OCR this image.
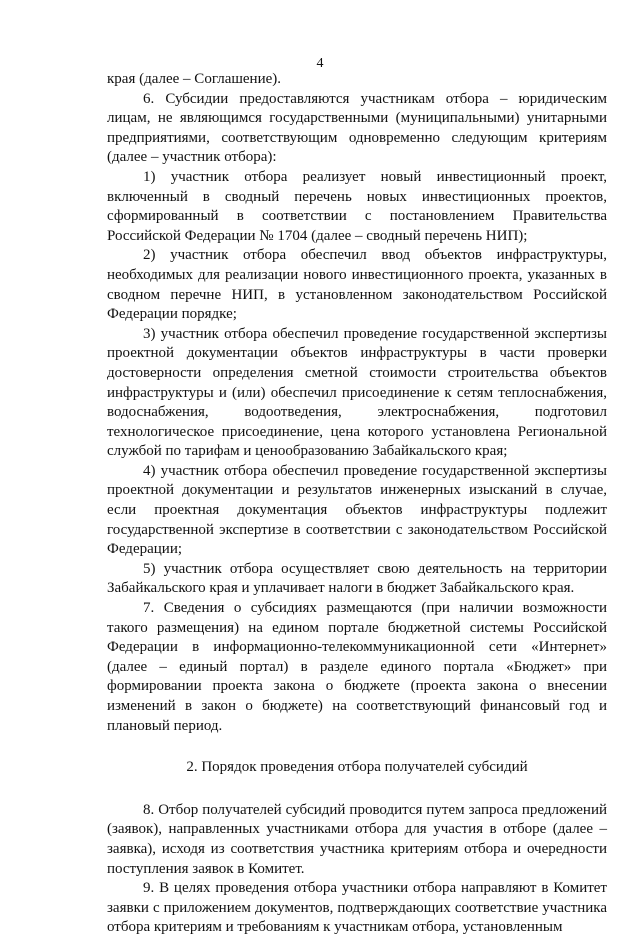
4

края (далее – Соглашение).

6. Субсидии предоставляются участникам отбора – юридическим лицам, не являющимся государственными (муниципальными) унитарными предприятиями, соответствующим одновременно следующим критериям (далее – участник отбора):

1) участник отбора реализует новый инвестиционный проект, включенный в сводный перечень новых инвестиционных проектов, сформированный в соответствии с постановлением Правительства Российской Федерации № 1704 (далее – сводный перечень НИП);

2) участник отбора обеспечил ввод объектов инфраструктуры, необходимых для реализации нового инвестиционного проекта, указанных в сводном перечне НИП, в установленном законодательством Российской Федерации порядке;

3) участник отбора обеспечил проведение государственной экспертизы проектной документации объектов инфраструктуры в части проверки достоверности определения сметной стоимости строительства объектов инфраструктуры и (или) обеспечил присоединение к сетям теплоснабжения, водоснабжения, водоотведения, электроснабжения, подготовил технологическое присоединение, цена которого установлена Региональной службой по тарифам и ценообразованию Забайкальского края;

4) участник отбора обеспечил проведение государственной экспертизы проектной документации и результатов инженерных изысканий в случае, если проектная документация объектов инфраструктуры подлежит государственной экспертизе в соответствии с законодательством Российской Федерации;

5) участник отбора осуществляет свою деятельность на территории Забайкальского края и уплачивает налоги в бюджет Забайкальского края.

7. Сведения о субсидиях размещаются (при наличии возможности такого размещения) на едином портале бюджетной системы Российской Федерации в информационно-телекоммуникационной сети «Интернет» (далее – единый портал) в разделе единого портала «Бюджет» при формировании проекта закона о бюджете (проекта закона о внесении изменений в закон о бюджете) на соответствующий финансовый год и плановый период.

2. Порядок проведения отбора получателей субсидий

8. Отбор получателей субсидий проводится путем запроса предложений (заявок), направленных участниками отбора для участия в отборе (далее – заявка), исходя из соответствия участника критериям отбора и очередности поступления заявок в Комитет.

9. В целях проведения отбора участники отбора направляют в Комитет заявки с приложением документов, подтверждающих соответствие участника отбора критериям и требованиям к участникам отбора, установленным
